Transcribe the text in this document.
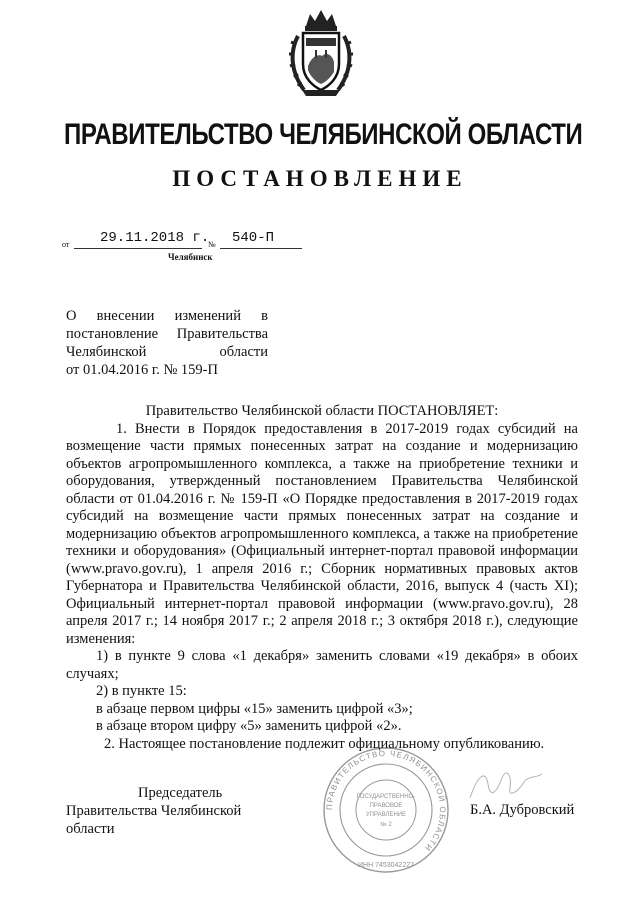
ПРАВИТЕЛЬСТВО ЧЕЛЯБИНСКОЙ ОБЛАСТИ
ПОСТАНОВЛЕНИЕ
от 29.11.2018 г.
№ 540-П
Челябинск
О внесении изменений в
постановление Правительства
Челябинской области
от 01.04.2016 г. № 159-П

Правительство Челябинской области ПОСТАНОВЛЯЕТ:

1. Внести в Порядок предоставления в 2017-2019 годах субсидий на возмещение части прямых понесенных затрат на создание и модернизацию объектов агропромышленного комплекса, а также на приобретение техники и оборудования, утвержденный постановлением Правительства Челябинской области от 01.04.2016 г. № 159-П «О Порядке предоставления в 2017-2019 годах субсидий на возмещение части прямых понесенных затрат на создание и модернизацию объектов агропромышленного комплекса, а также на приобретение техники и оборудования» (Официальный интернет-портал правовой информации (www.pravo.gov.ru), 1 апреля 2016 г.; Сборник нормативных правовых актов Губернатора и Правительства Челябинской области, 2016, выпуск 4 (часть XI); Официальный интернет-портал правовой информации (www.pravo.gov.ru), 28 апреля 2017 г.; 14 ноября 2017 г.; 2 апреля 2018 г.; 3 октября 2018 г.), следующие изменения:

1) в пункте 9 слова «1 декабря» заменить словами «19 декабря» в обоих случаях;

2) в пункте 15:

в абзаце первом цифры «15» заменить цифрой «3»;

в абзаце втором цифру «5» заменить цифрой «2».

2. Настоящее постановление подлежит официальному опубликованию.

Председатель
Правительства Челябинской области
ПРАВИТЕЛЬСТВО ЧЕЛЯБИНСКОЙ ОБЛАСТИ
ИНН 7453042227
ГОСУДАРСТВЕННО-
ПРАВОВОЕ
УПРАВЛЕНИЕ
№ 2
Б.А. Дубровский
